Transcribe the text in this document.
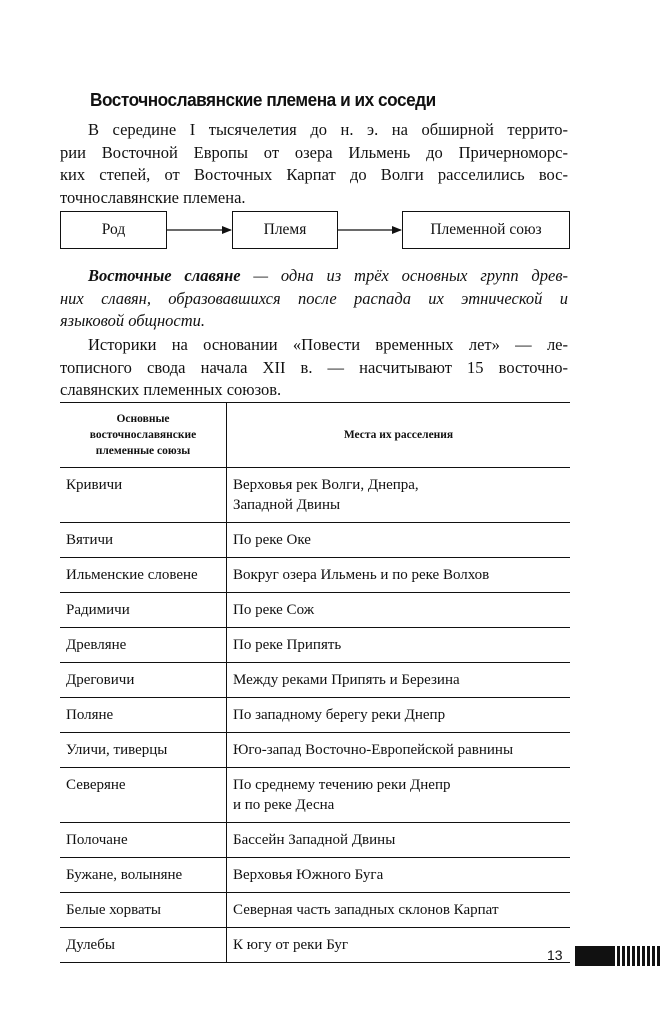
Восточнославянские племена и их соседи
В середине I тысячелетия до н. э. на обширной террито-
рии Восточной Европы от озера Ильмень до Причерноморс-
ких степей, от Восточных Карпат до Волги расселились вос-
точнославянские племена.
Род	Племя	Племенной союз
Восточные славяне — одна из трёх основных групп древ-
них славян, образовавшихся после распада их этнической и
языковой общности.
Историки на основании «Повести временных лет» — ле-
тописного свода начала XII в. — насчитывают 15 восточно-
славянских племенных союзов.
Основные
восточнославянские
племенные союзы	Места их расселения
Кривичи	Верховья рек Волги, Днепра,
Западной Двины
Вятичи	По реке Оке
Ильменские словене	Вокруг озера Ильмень и по реке Волхов
Радимичи	По реке Сож
Древляне	По реке Припять
Дреговичи	Между реками Припять и Березина
Поляне	По западному берегу реки Днепр
Уличи, тиверцы	Юго-запад Восточно-Европейской равнины
Северяне	По среднему течению реки Днепр
и по реке Десна
Полочане	Бассейн Западной Двины
Бужане, волыняне	Верховья Южного Буга
Белые хорваты	Северная часть западных склонов Карпат
Дулебы	К югу от реки Буг
13
